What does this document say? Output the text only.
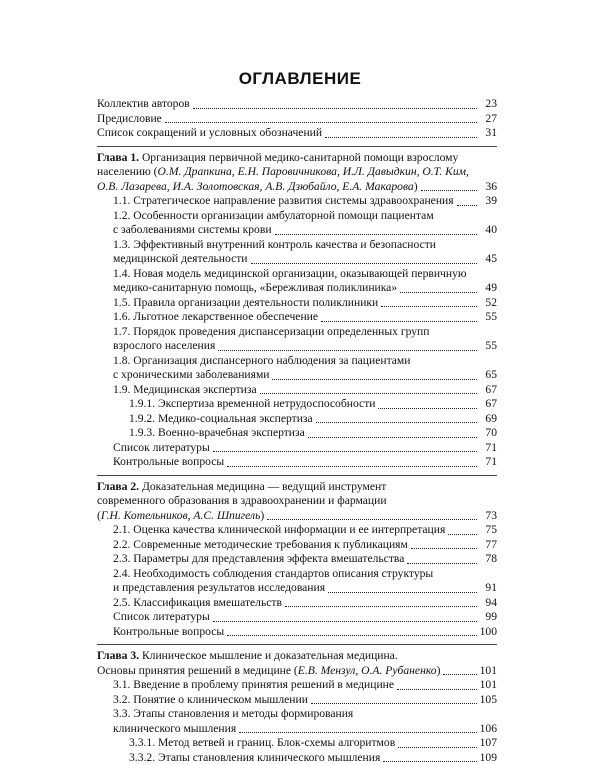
ОГЛАВЛЕНИЕ
Коллектив авторов	23
Предисловие	27
Список сокращений и условных обозначений	31
Глава 1. Организация первичной медико-санитарной помощи взрослому
населению (О.М. Драпкина, Е.Н. Паровичникова, И.Л. Давыдкин, О.Т. Ким,
О.В. Лазарева, И.А. Золотовская, А.В. Дзюбайло, Е.А. Макарова)	36
1.1. Стратегическое направление развития системы здравоохранения	39
1.2. Особенности организации амбулаторной помощи пациентам
с заболеваниями системы крови	40
1.3. Эффективный внутренний контроль качества и безопасности
медицинской деятельности	45
1.4. Новая модель медицинской организации, оказывающей первичную
медико-санитарную помощь, «Бережливая поликлиника»	49
1.5. Правила организации деятельности поликлиники	52
1.6. Льготное лекарственное обеспечение	55
1.7. Порядок проведения диспансеризации определенных групп
взрослого населения	55
1.8. Организация диспансерного наблюдения за пациентами
с хроническими заболеваниями	65
1.9. Медицинская экспертиза	67
1.9.1. Экспертиза временной нетрудоспособности	67
1.9.2. Медико-социальная экспертиза	69
1.9.3. Военно-врачебная экспертиза	70
Список литературы	71
Контрольные вопросы	71
Глава 2. Доказательная медицина — ведущий инструмент
современного образования в здравоохранении и фармации
(Г.Н. Котельников, А.С. Шпигель)	73
2.1. Оценка качества клинической информации и ее интерпретация	75
2.2. Современные методические требования к публикациям	77
2.3. Параметры для представления эффекта вмешательства	78
2.4. Необходимость соблюдения стандартов описания структуры
и представления результатов исследования	91
2.5. Классификация вмешательств	94
Список литературы	99
Контрольные вопросы	100
Глава 3. Клиническое мышление и доказательная медицина.
Основы принятия решений в медицине (Е.В. Мензул, О.А. Рубаненко)	101
3.1. Введение в проблему принятия решений в медицине	101
3.2. Понятие о клиническом мышлении	105
3.3. Этапы становления и методы формирования
клинического мышления	106
3.3.1. Метод ветвей и границ. Блок-схемы алгоритмов	107
3.3.2. Этапы становления клинического мышления	109
